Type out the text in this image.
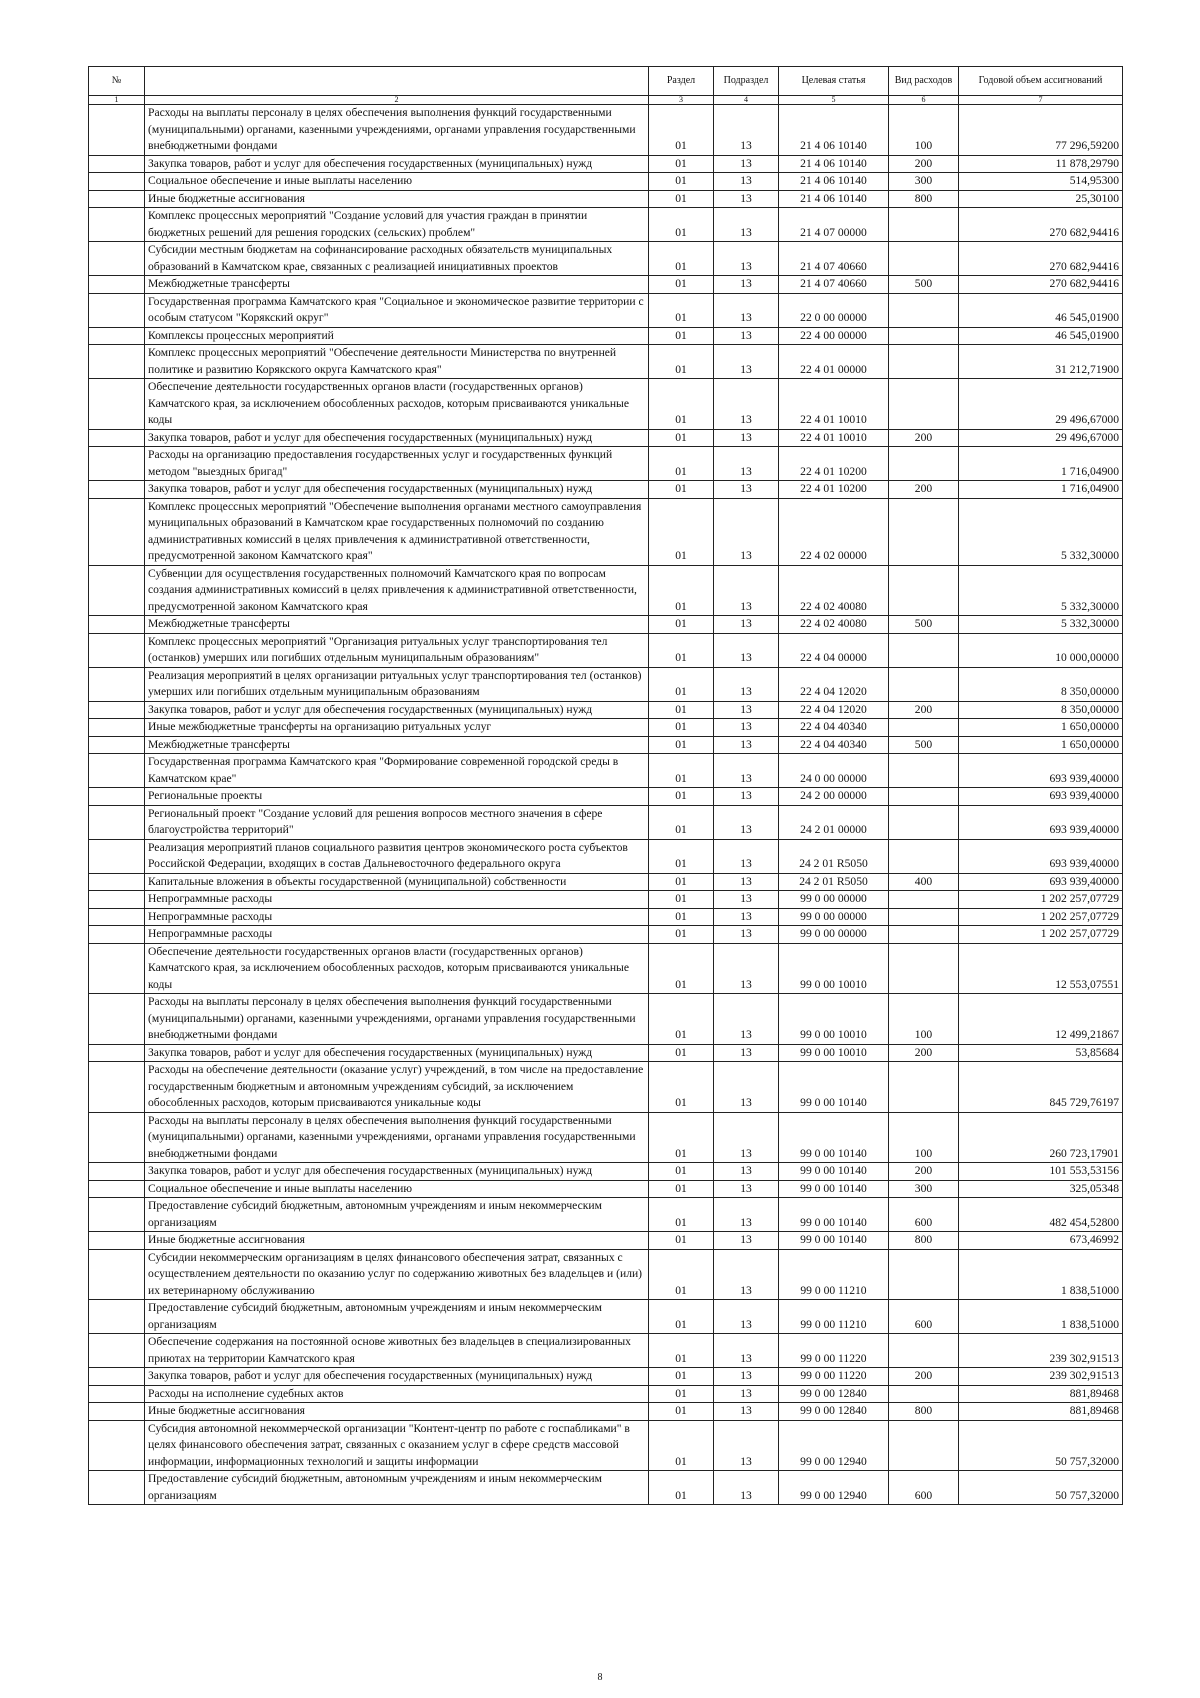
№		Раздел	Подраздел	Целевая статья	Вид расходов	Годовой объем ассигнований
1	2	3	4	5	6	7
	Расходы на выплаты персоналу в целях обеспечения выполнения функций государственными (муниципальными) органами, казенными учреждениями, органами управления государственными внебюджетными фондами	01	13	21 4 06 10140	100	77 296,59200
	Закупка товаров, работ и услуг для обеспечения государственных (муниципальных) нужд	01	13	21 4 06 10140	200	11 878,29790
	Социальное обеспечение и иные выплаты населению	01	13	21 4 06 10140	300	514,95300
	Иные бюджетные ассигнования	01	13	21 4 06 10140	800	25,30100
	Комплекс процессных мероприятий "Создание условий для участия граждан в принятии бюджетных решений для решения городских (сельских) проблем"	01	13	21 4 07 00000		270 682,94416
	Субсидии местным бюджетам на софинансирование расходных обязательств муниципальных образований в Камчатском крае, связанных с реализацией инициативных проектов	01	13	21 4 07 40660		270 682,94416
	Межбюджетные трансферты	01	13	21 4 07 40660	500	270 682,94416
	Государственная программа Камчатского края "Социальное и экономическое развитие территории с особым статусом "Корякский округ"	01	13	22 0 00 00000		46 545,01900
	Комплексы процессных мероприятий	01	13	22 4 00 00000		46 545,01900
	Комплекс процессных мероприятий "Обеспечение деятельности Министерства по внутренней политике и развитию Корякского округа Камчатского края"	01	13	22 4 01 00000		31 212,71900
	Обеспечение деятельности государственных органов власти (государственных органов) Камчатского края, за исключением обособленных расходов, которым присваиваются уникальные коды	01	13	22 4 01 10010		29 496,67000
	Закупка товаров, работ и услуг для обеспечения государственных (муниципальных) нужд	01	13	22 4 01 10010	200	29 496,67000
	Расходы на организацию предоставления государственных услуг и государственных функций методом "выездных бригад"	01	13	22 4 01 10200		1 716,04900
	Закупка товаров, работ и услуг для обеспечения государственных (муниципальных) нужд	01	13	22 4 01 10200	200	1 716,04900
	Комплекс процессных мероприятий "Обеспечение выполнения органами местного самоуправления муниципальных образований в Камчатском крае государственных полномочий по созданию административных комиссий в целях привлечения к административной ответственности, предусмотренной законом Камчатского края"	01	13	22 4 02 00000		5 332,30000
	Субвенции для осуществления государственных полномочий Камчатского края по вопросам создания административных комиссий в целях привлечения к административной ответственности, предусмотренной законом Камчатского края	01	13	22 4 02 40080		5 332,30000
	Межбюджетные трансферты	01	13	22 4 02 40080	500	5 332,30000
	Комплекс процессных мероприятий "Организация ритуальных услуг транспортирования тел (останков) умерших или погибших отдельным муниципальным образованиям"	01	13	22 4 04 00000		10 000,00000
	Реализация мероприятий в целях организации ритуальных услуг транспортирования тел (останков) умерших или погибших отдельным муниципальным образованиям	01	13	22 4 04 12020		8 350,00000
	Закупка товаров, работ и услуг для обеспечения государственных (муниципальных) нужд	01	13	22 4 04 12020	200	8 350,00000
	Иные межбюджетные трансферты на организацию ритуальных услуг	01	13	22 4 04 40340		1 650,00000
	Межбюджетные трансферты	01	13	22 4 04 40340	500	1 650,00000
	Государственная программа Камчатского края "Формирование современной городской среды в Камчатском крае"	01	13	24 0 00 00000		693 939,40000
	Региональные проекты	01	13	24 2 00 00000		693 939,40000
	Региональный проект "Создание условий для решения вопросов местного значения в сфере благоустройства территорий"	01	13	24 2 01 00000		693 939,40000
	Реализация мероприятий планов социального развития центров экономического роста субъектов Российской Федерации, входящих в состав Дальневосточного федерального округа	01	13	24 2 01 R5050		693 939,40000
	Капитальные вложения в объекты государственной (муниципальной) собственности	01	13	24 2 01 R5050	400	693 939,40000
	Непрограммные расходы	01	13	99 0 00 00000		1 202 257,07729
	Непрограммные расходы	01	13	99 0 00 00000		1 202 257,07729
	Непрограммные расходы	01	13	99 0 00 00000		1 202 257,07729
	Обеспечение деятельности государственных органов власти (государственных органов) Камчатского края, за исключением обособленных расходов, которым присваиваются уникальные коды	01	13	99 0 00 10010		12 553,07551
	Расходы на выплаты персоналу в целях обеспечения выполнения функций государственными (муниципальными) органами, казенными учреждениями, органами управления государственными внебюджетными фондами	01	13	99 0 00 10010	100	12 499,21867
	Закупка товаров, работ и услуг для обеспечения государственных (муниципальных) нужд	01	13	99 0 00 10010	200	53,85684
	Расходы на обеспечение деятельности (оказание услуг) учреждений, в том числе на предоставление государственным бюджетным и автономным учреждениям субсидий, за исключением обособленных расходов, которым присваиваются уникальные коды	01	13	99 0 00 10140		845 729,76197
	Расходы на выплаты персоналу в целях обеспечения выполнения функций государственными (муниципальными) органами, казенными учреждениями, органами управления государственными внебюджетными фондами	01	13	99 0 00 10140	100	260 723,17901
	Закупка товаров, работ и услуг для обеспечения государственных (муниципальных) нужд	01	13	99 0 00 10140	200	101 553,53156
	Социальное обеспечение и иные выплаты населению	01	13	99 0 00 10140	300	325,05348
	Предоставление субсидий бюджетным, автономным учреждениям и иным некоммерческим организациям	01	13	99 0 00 10140	600	482 454,52800
	Иные бюджетные ассигнования	01	13	99 0 00 10140	800	673,46992
	Субсидии некоммерческим организациям в целях финансового обеспечения затрат, связанных с осуществлением деятельности по оказанию услуг по содержанию животных без владельцев и (или) их ветеринарному обслуживанию	01	13	99 0 00 11210		1 838,51000
	Предоставление субсидий бюджетным, автономным учреждениям и иным некоммерческим организациям	01	13	99 0 00 11210	600	1 838,51000
	Обеспечение содержания на постоянной основе животных без владельцев в специализированных приютах на территории Камчатского края	01	13	99 0 00 11220		239 302,91513
	Закупка товаров, работ и услуг для обеспечения государственных (муниципальных) нужд	01	13	99 0 00 11220	200	239 302,91513
	Расходы на исполнение судебных актов	01	13	99 0 00 12840		881,89468
	Иные бюджетные ассигнования	01	13	99 0 00 12840	800	881,89468
	Субсидия автономной некоммерческой организации "Контент-центр по работе с госпабликами" в целях финансового обеспечения затрат, связанных с оказанием услуг в сфере средств массовой информации, информационных технологий и защиты информации	01	13	99 0 00 12940		50 757,32000
	Предоставление субсидий бюджетным, автономным учреждениям и иным некоммерческим организациям	01	13	99 0 00 12940	600	50 757,32000
8
